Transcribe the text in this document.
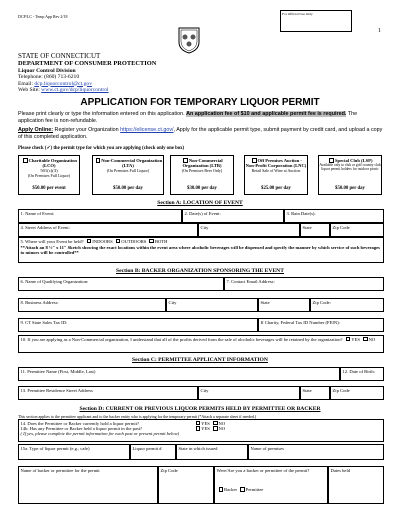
DCP/LC - Temp App Rev 2/18	For Official Use Only
1
STATE OF CONNECTICUT
DEPARTMENT OF CONSUMER PROTECTION
Liquor Control Division
Telephone: (860) 713-6210
Email: dcp.liquorcontrol@ct.gov
Web Site: www.ct.gov/dcp/liquorcontrol
APPLICATION FOR TEMPORARY LIQUOR PERMIT
Please print clearly or type the information entered on this application. An application fee of $10 and applicable permit fee is required. The application fee is non-refundable.
Apply Online: Register your Organization https://elicense.ct.gov/, Apply for the applicable permit type, submit payment by credit card, and upload a copy of this completed application.
Please check (✓) the permit type for which you are applying (check only one box)
Charitable Organization (LCO)
501(c)(3)
(On Premises Full Liquor)
$50.00 per event
Non-Commercial Organization (LTA)
(On Premises Full Liquor)
$50.00 per day
Non-Commercial Organization (LTB)
(On Premises Beer Only)
$30.00 per day
Off Premises Auction - Non-Profit Corporation (LNC)
Retail Sale of Wine at Auction
$25.00 per day
Special Club (LSP)
Available only to club or golf country club liquor permit holders for outdoor picnic
$50.00 per day
Section A: LOCATION OF EVENT
1. Name of Event:	2. Date(s) of Event:	3. Rain Date(s):
4. Street Address of Event:	City	State	Zip Code
5. Where will your Event be held? INDOORS OUTDOORS BOTH
**Attach an 8 ½" x 11" Sketch showing the exact locations within the event area where alcoholic beverages will be dispensed and specify the manner by which service of such beverages to minors will be controlled**
Section B: BACKER ORGANIZATION SPONSORING THE EVENT
6. Name of Qualifying Organization:	7. Contact Email Address:
8. Business Address:	City	State	Zip Code:
9. CT State Sales Tax ID:	If Charity, Federal Tax ID Number (FEIN):
10. If you are applying as a Non-Commercial organization, I understand that all of the profits derived from the sale of alcoholic beverages will be retained by the organization? YES NO
Section C: PERMITTEE APPLICANT INFORMATION
11. Permittee Name (First, Middle, Last)	12. Date of Birth:
13. Permittee Residence Street Address	City	State	Zip Code
Section D: CURRENT OR PREVIOUS LIQUOR PERMITS HELD BY PERMITTEE OR BACKER
This section applies to the permittee applicant and to the backer entity who is applying for the temporary permit (*Attach a separate sheet if needed.)
14. Does the Permittee or Backer currently hold a liquor permit?	YES NO
14b. Has any Permittee or Backer held a liquor permit in the past?	YES NO
( If yes, please complete the permit information for each past or present permit below)
15a. Type of liquor permit (e.g., cafe)	Liquor permit #	State in which issued	Name of premises
Name of backer or permittee for the permit	Zip Code	Were/Are you a backer or permittee of the permit?
Backer Permittee
Dates held
